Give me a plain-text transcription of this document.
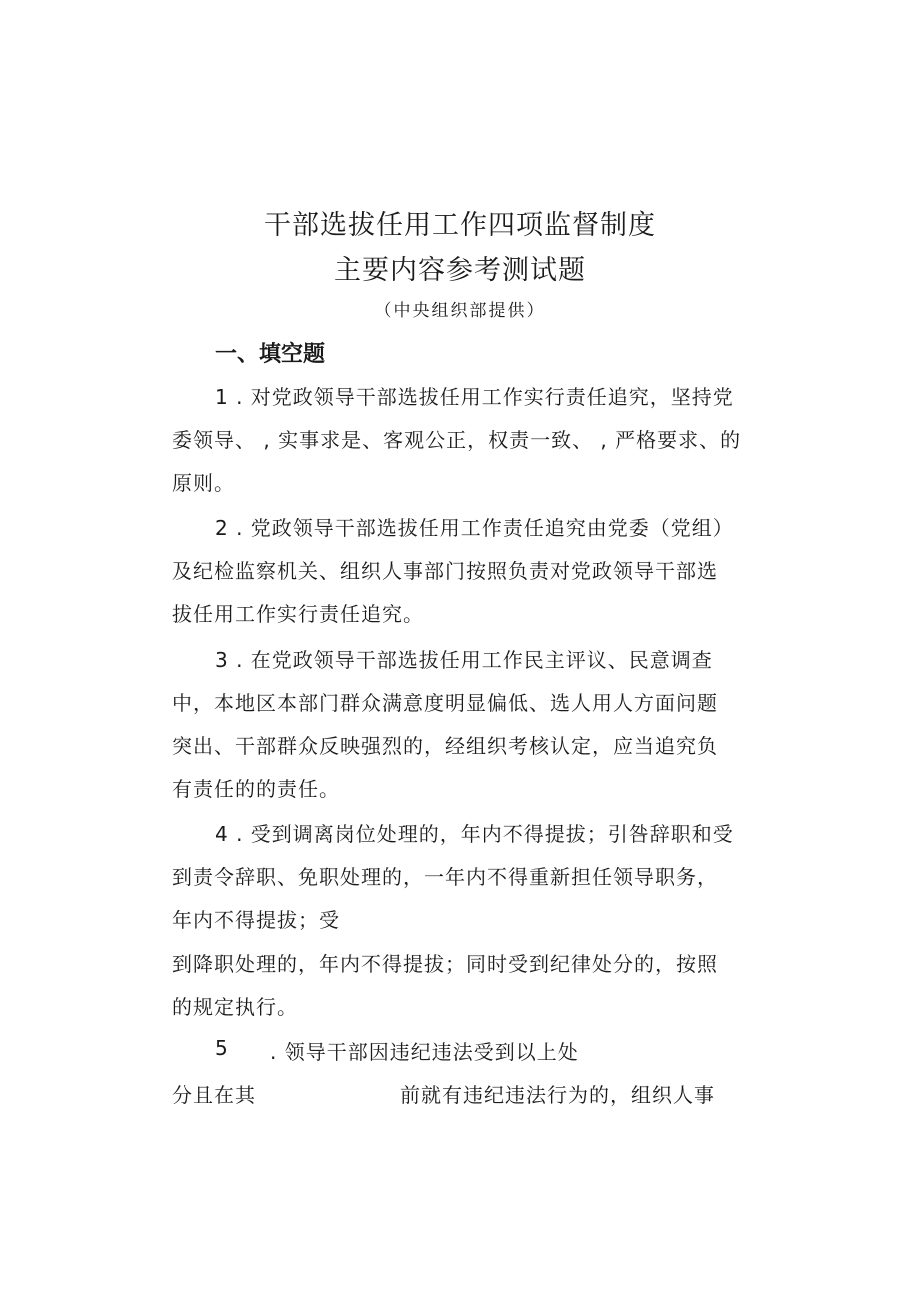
干部选拔任用工作四项监督制度
主要内容参考测试题
（中央组织部提供）
一、填空题
1 . 对党政领导干部选拔任用工作实行责任追究，坚持党
委领导、 , 实事求是、客观公正，权责一致、 , 严格要求、的
原则。
2 . 党政领导干部选拔任用工作责任追究由党委（党组）
及纪检监察机关、组织人事部门按照负责对党政领导干部选
拔任用工作实行责任追究。
3 . 在党政领导干部选拔任用工作民主评议、民意调查
中，本地区本部门群众满意度明显偏低、选人用人方面问题
突出、干部群众反映强烈的，经组织考核认定，应当追究负
有责任的的责任。
4 . 受到调离岗位处理的，年内不得提拔；引咎辞职和受
到责令辞职、免职处理的，一年内不得重新担任领导职务，
年内不得提拔；受
到降职处理的，年内不得提拔；同时受到纪律处分的，按照
的规定执行。
5 . 领导干部因违纪违法受到以上处
分且在其	前就有违纪违法行为的，组织人事
